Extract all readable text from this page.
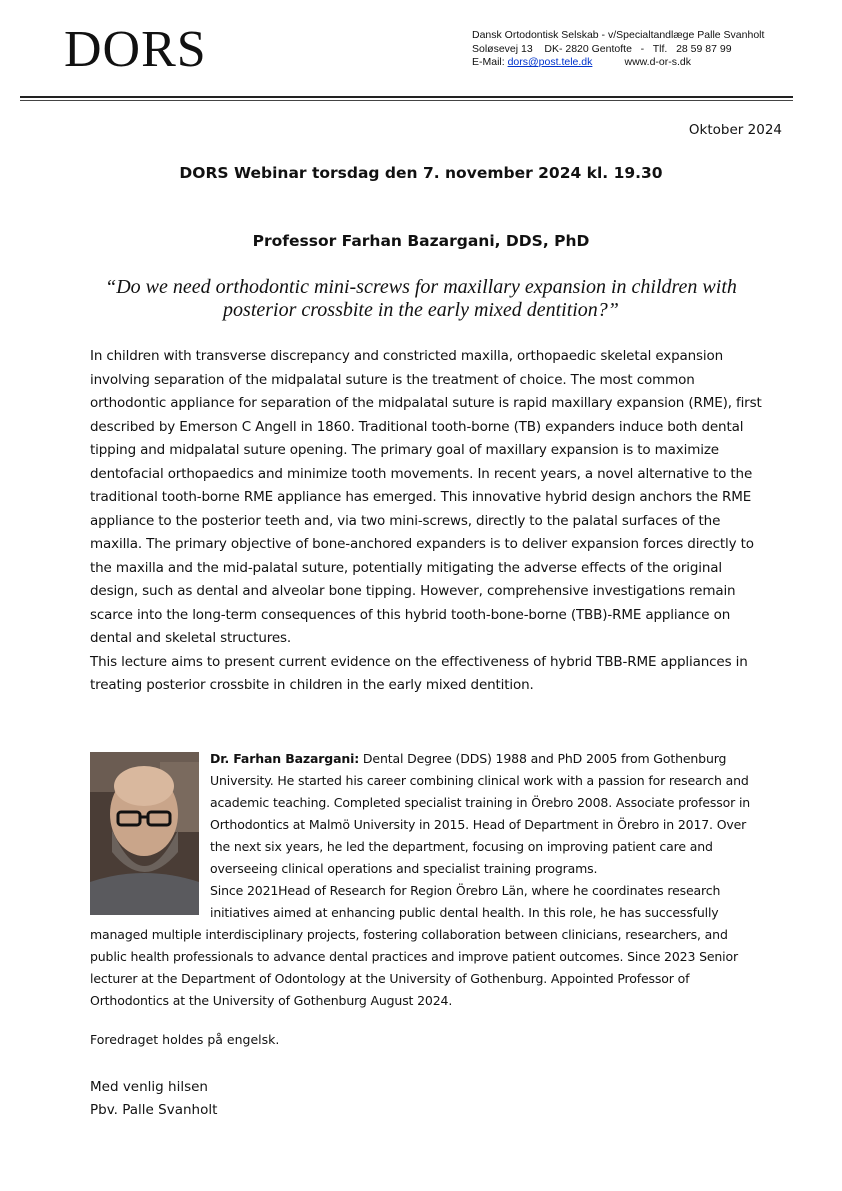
DORS	Dansk Ortodontisk Selskab - v/Specialtandlæge Palle Svanholt
Soløsevej 13    DK- 2820 Gentofte   -   Tlf.   28 59 87 99
E-Mail: dors@post.tele.dk	www.d-or-s.dk
Oktober 2024
DORS Webinar torsdag den 7. november 2024 kl. 19.30
Professor Farhan Bazargani, DDS, PhD
“Do we need orthodontic mini-screws for maxillary expansion in children with posterior crossbite in the early mixed dentition?”

In children with transverse discrepancy and constricted maxilla, orthopaedic skeletal expansion involving separation of the midpalatal suture is the treatment of choice. The most common orthodontic appliance for separation of the midpalatal suture is rapid maxillary expansion (RME), first described by Emerson C Angell in 1860. Traditional tooth-borne (TB) expanders induce both dental tipping and midpalatal suture opening. The primary goal of maxillary expansion is to maximize dentofacial orthopaedics and minimize tooth movements. In recent years, a novel alternative to the traditional tooth-borne RME appliance has emerged. This innovative hybrid design anchors the RME appliance to the posterior teeth and, via two mini-screws, directly to the palatal surfaces of the maxilla. The primary objective of bone-anchored expanders is to deliver expansion forces directly to the maxilla and the mid-palatal suture, potentially mitigating the adverse effects of the original design, such as dental and alveolar bone tipping. However, comprehensive investigations remain scarce into the long-term consequences of this hybrid tooth-bone-borne (TBB)-RME appliance on dental and skeletal structures.

This lecture aims to present current evidence on the effectiveness of hybrid TBB-RME appliances in treating posterior crossbite in children in the early mixed dentition.

Dr. Farhan Bazargani: Dental Degree (DDS) 1988 and PhD 2005 from Gothenburg University. He started his career combining clinical work with a passion for research and academic teaching. Completed specialist training in Örebro 2008. Associate professor in Orthodontics at Malmö University in 2015. Head of Department in Örebro in 2017. Over the next six years, he led the department, focusing on improving patient care and overseeing clinical operations and specialist training programs.

Since 2021Head of Research for Region Örebro Län, where he coordinates research initiatives aimed at enhancing public dental health. In this role, he has successfully managed multiple interdisciplinary projects, fostering collaboration between clinicians, researchers, and public health professionals to advance dental practices and improve patient outcomes. Since 2023 Senior lecturer at the Department of Odontology at the University of Gothenburg. Appointed Professor of Orthodontics at the University of Gothenburg August 2024.

Foredraget holdes på engelsk.
Med venlig hilsen
Pbv. Palle Svanholt
